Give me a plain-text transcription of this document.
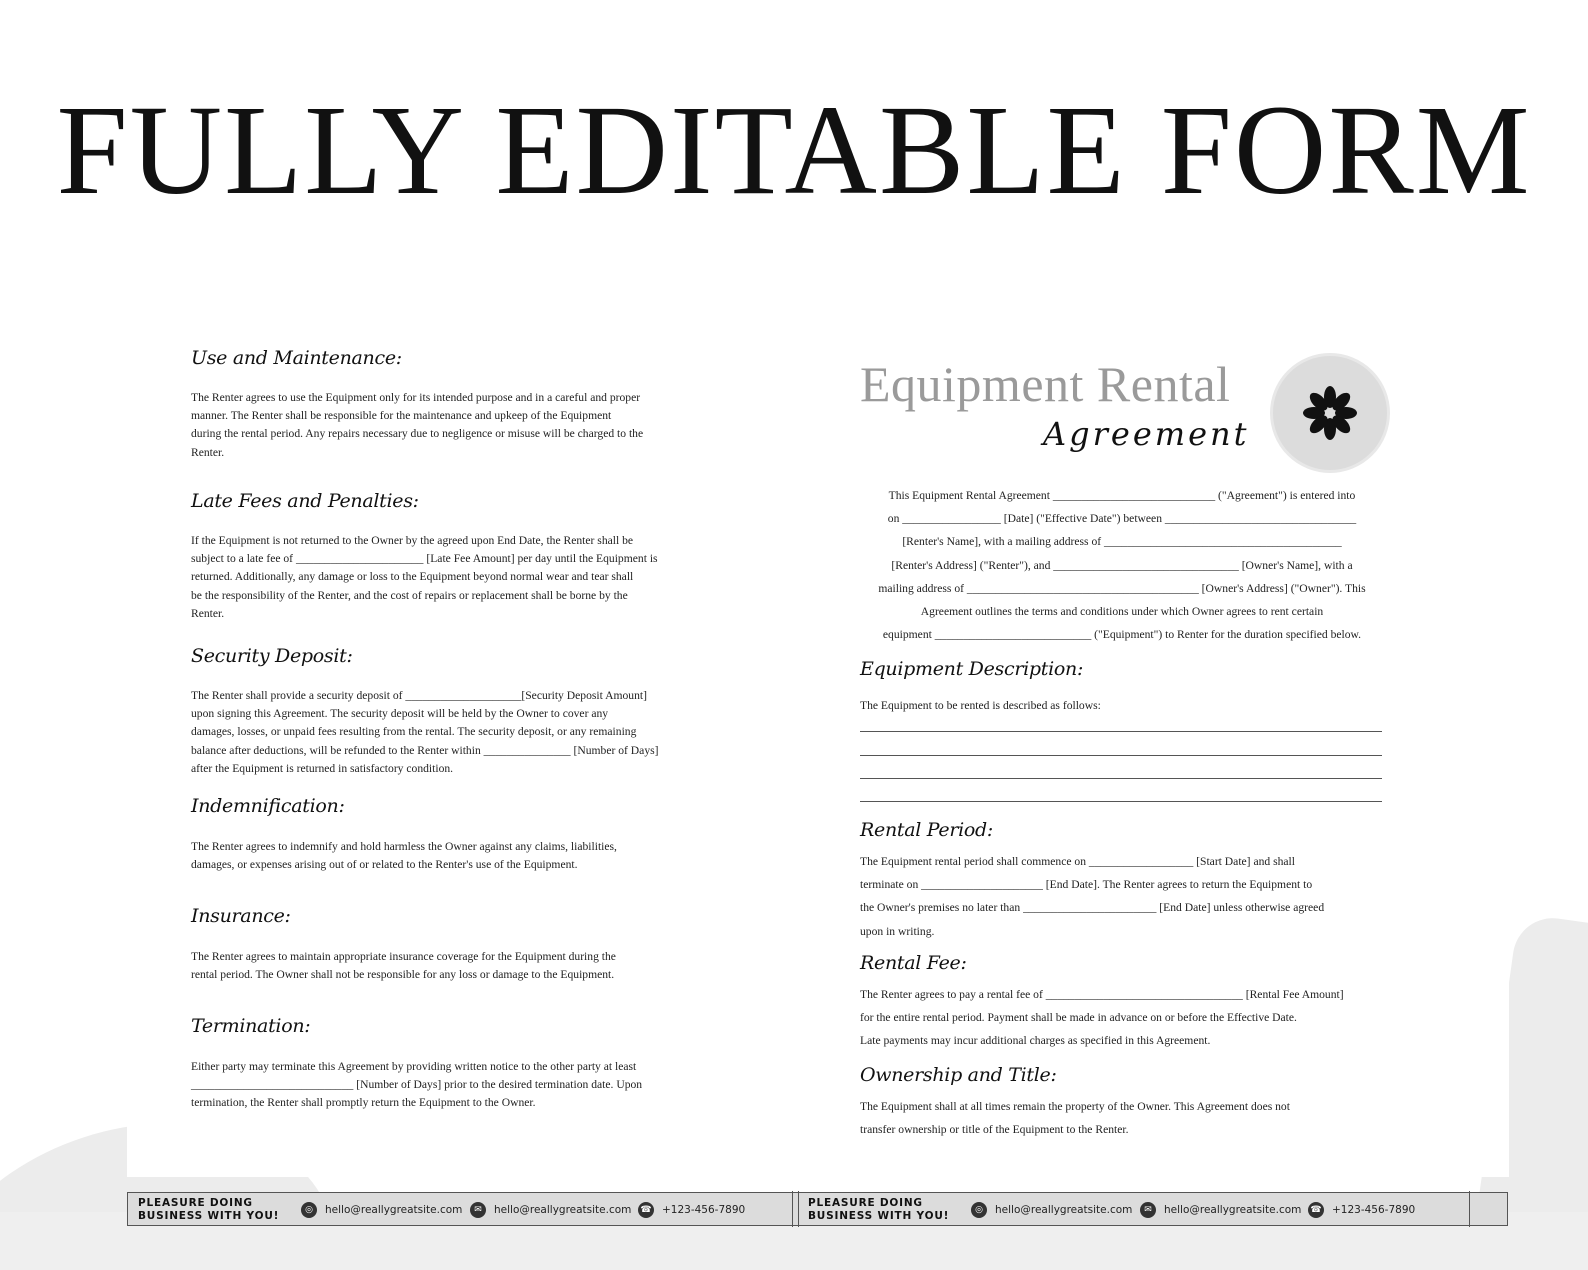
FULLY EDITABLE FORM
Use and Maintenance:
The Renter agrees to use the Equipment only for its intended purpose and in a careful and proper
manner. The Renter shall be responsible for the maintenance and upkeep of the Equipment
during the rental period. Any repairs necessary due to negligence or misuse will be charged to the
Renter.
Late Fees and Penalties:
If the Equipment is not returned to the Owner by the agreed upon End Date, the Renter shall be
subject to a late fee of ______________________ [Late Fee Amount] per day until the Equipment is
returned. Additionally, any damage or loss to the Equipment beyond normal wear and tear shall
be the responsibility of the Renter, and the cost of repairs or replacement shall be borne by the
Renter.
Security Deposit:
The Renter shall provide a security deposit of ____________________[Security Deposit Amount]
upon signing this Agreement. The security deposit will be held by the Owner to cover any
damages, losses, or unpaid fees resulting from the rental. The security deposit, or any remaining
balance after deductions, will be refunded to the Renter within _______________ [Number of Days]
after the Equipment is returned in satisfactory condition.
Indemnification:
The Renter agrees to indemnify and hold harmless the Owner against any claims, liabilities,
damages, or expenses arising out of or related to the Renter's use of the Equipment.
Insurance:
The Renter agrees to maintain appropriate insurance coverage for the Equipment during the
rental period. The Owner shall not be responsible for any loss or damage to the Equipment.
Termination:
Either party may terminate this Agreement by providing written notice to the other party at least
____________________________ [Number of Days] prior to the desired termination date. Upon
termination, the Renter shall promptly return the Equipment to the Owner.
Equipment Rental
Agreement
This Equipment Rental Agreement ____________________________ ("Agreement") is entered into
on _________________ [Date] ("Effective Date") between _________________________________
[Renter's Name], with a mailing address of _________________________________________
[Renter's Address] ("Renter"), and ________________________________ [Owner's Name], with a
mailing address of ________________________________________ [Owner's Address] ("Owner"). This
Agreement outlines the terms and conditions under which Owner agrees to rent certain
equipment ___________________________ ("Equipment") to Renter for the duration specified below.
Equipment Description:
The Equipment to be rented is described as follows:
Rental Period:
The Equipment rental period shall commence on __________________ [Start Date] and shall
terminate on _____________________ [End Date]. The Renter agrees to return the Equipment to
the Owner's premises no later than _______________________ [End Date] unless otherwise agreed
upon in writing.
Rental Fee:
The Renter agrees to pay a rental fee of __________________________________ [Rental Fee Amount]
for the entire rental period. Payment shall be made in advance on or before the Effective Date.
Late payments may incur additional charges as specified in this Agreement.
Ownership and Title:
The Equipment shall at all times remain the property of the Owner. This Agreement does not
transfer ownership or title of the Equipment to the Renter.
PLEASURE DOING
BUSINESS WITH YOU!	◎	hello@reallygreatsite.com	✉	hello@reallygreatsite.com ☎ +123-456-7890
PLEASURE DOING
BUSINESS WITH YOU!	◎	hello@reallygreatsite.com	✉	hello@reallygreatsite.com ☎ +123-456-7890
